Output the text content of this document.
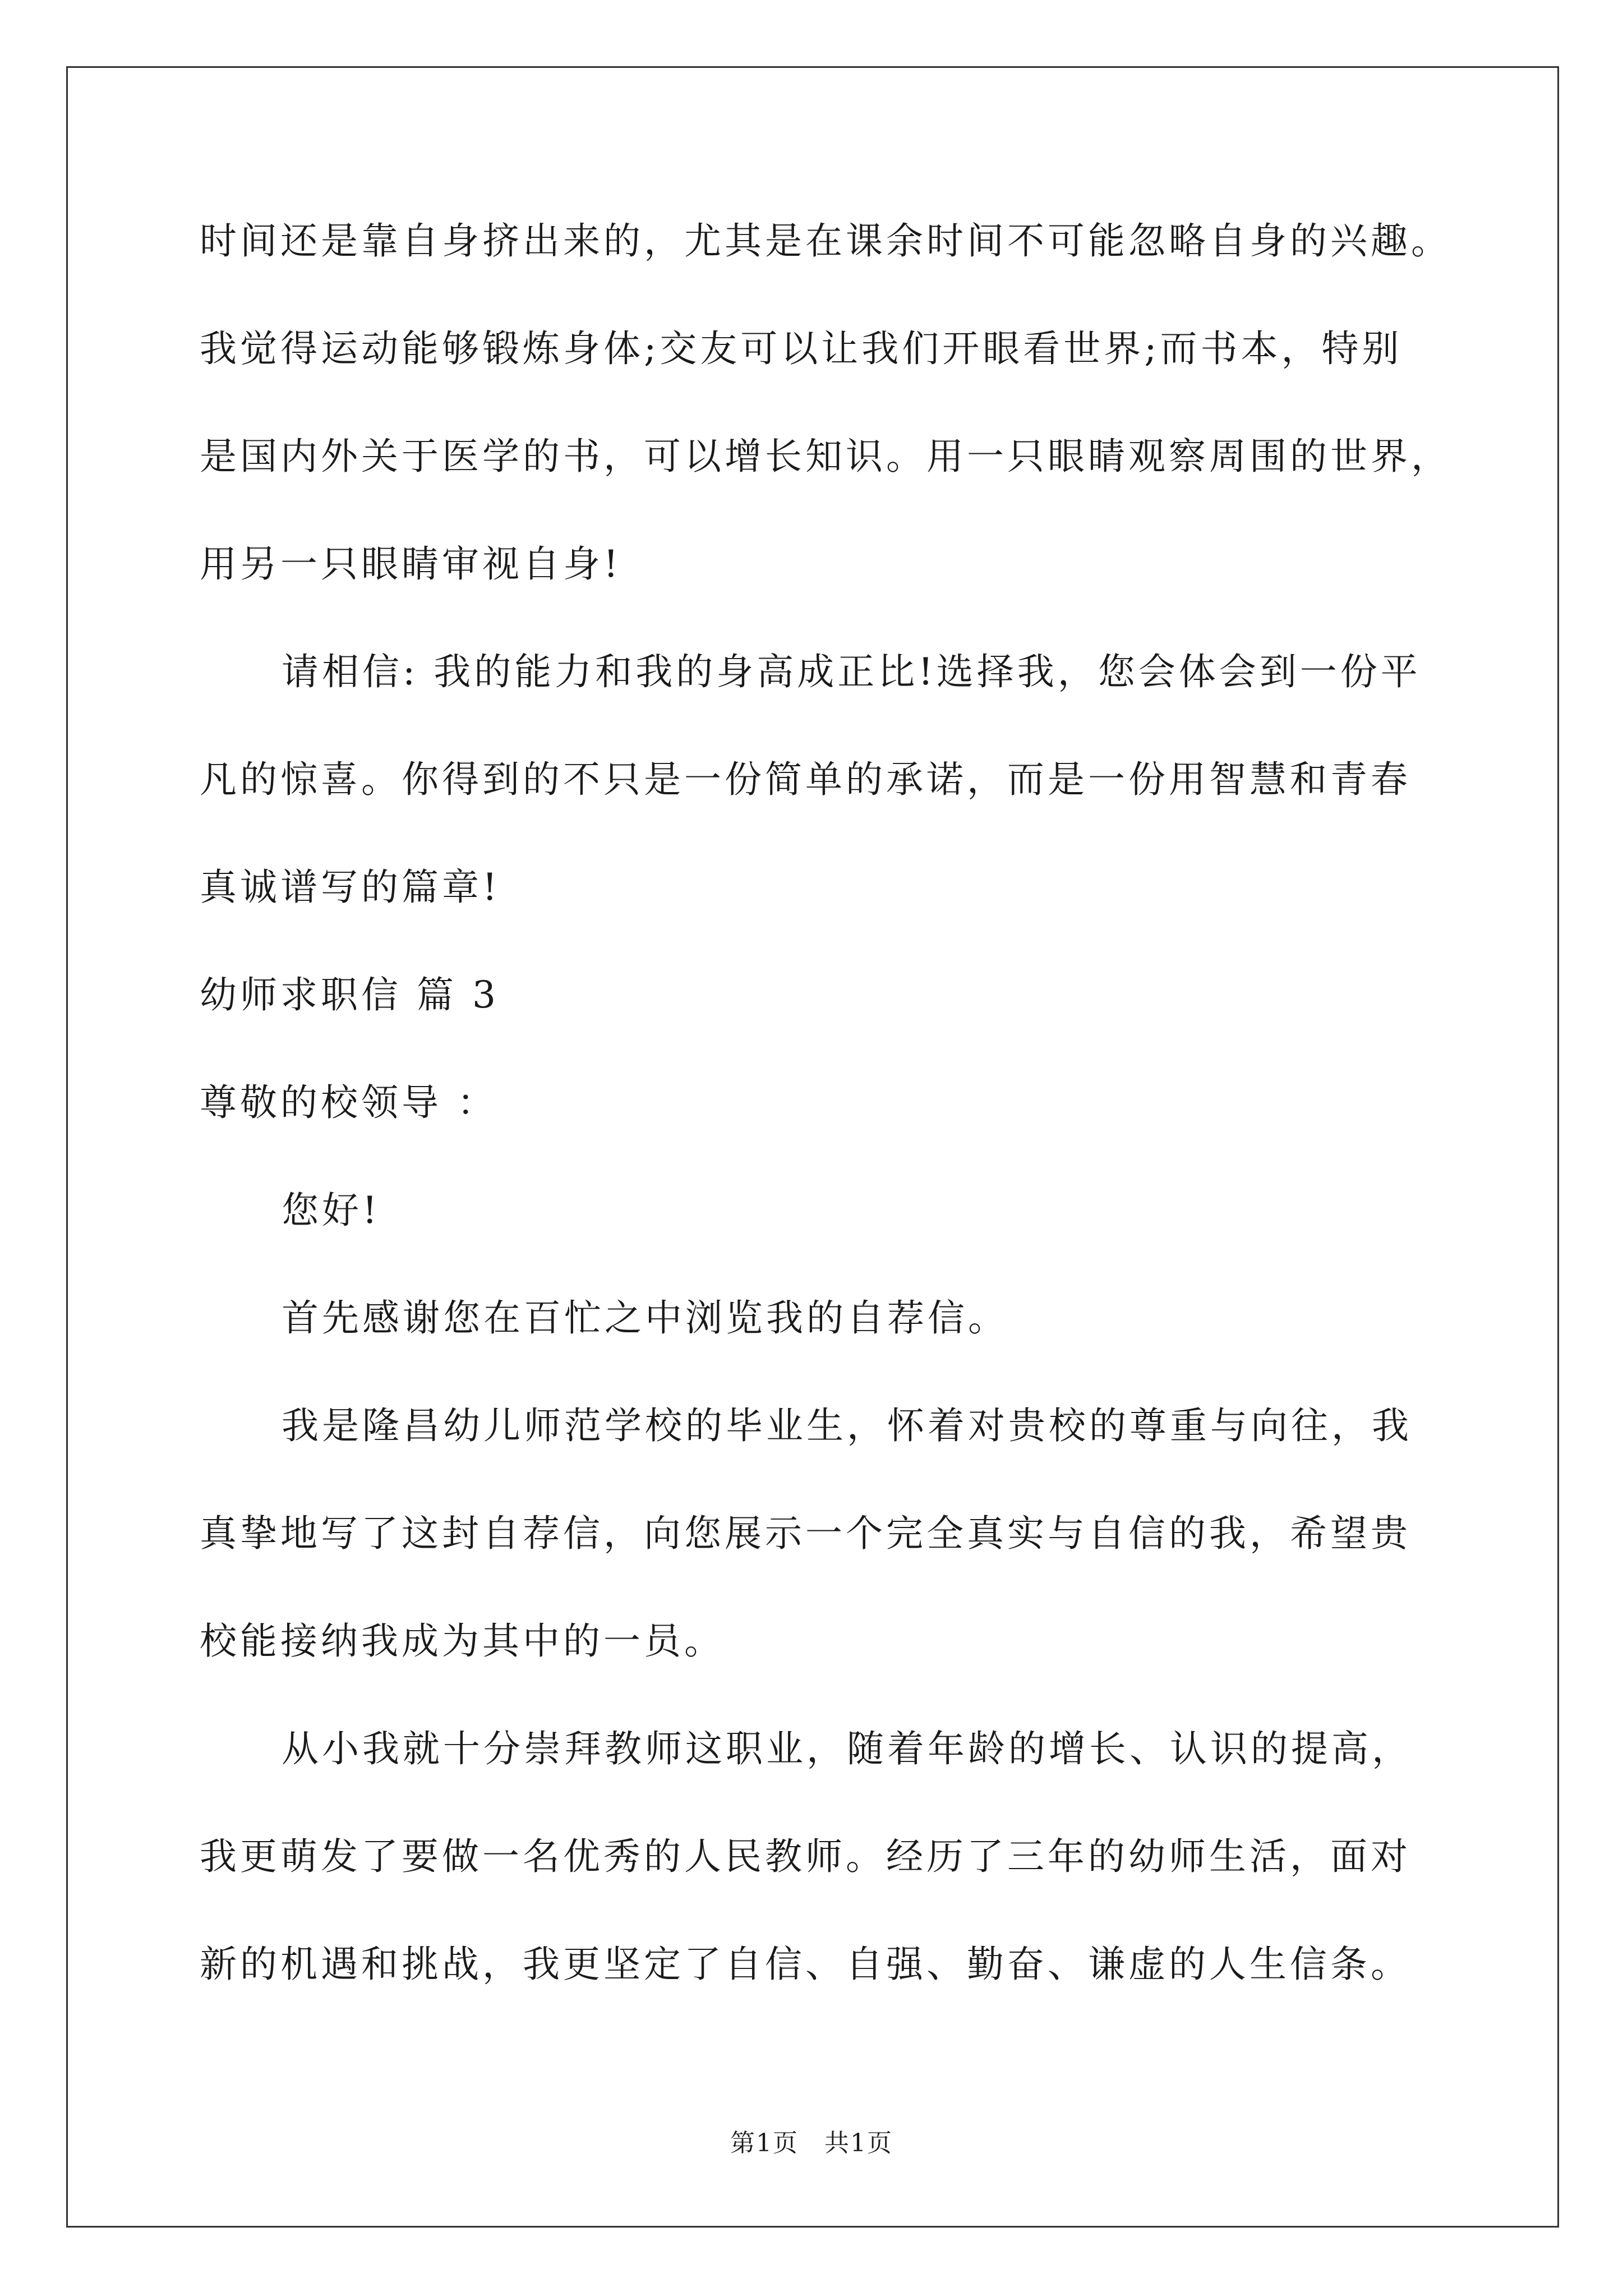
时间还是靠自身挤出来的，尤其是在课余时间不可能忽略自身的兴趣。
我觉得运动能够锻炼身体;交友可以让我们开眼看世界;而书本，特别
是国内外关于医学的书，可以增长知识。用一只眼睛观察周围的世界，
用另一只眼睛审视自身!
请相信: 我的能力和我的身高成正比!选择我，您会体会到一份平
凡的惊喜。你得到的不只是一份简单的承诺，而是一份用智慧和青春
真诚谱写的篇章!
幼师求职信 篇 3
尊敬的校领导 ：
您好!
首先感谢您在百忙之中浏览我的自荐信。
我是隆昌幼儿师范学校的毕业生，怀着对贵校的尊重与向往，我
真挚地写了这封自荐信，向您展示一个完全真实与自信的我，希望贵
校能接纳我成为其中的一员。
从小我就十分崇拜教师这职业，随着年龄的增长、认识的提高，
我更萌发了要做一名优秀的人民教师。经历了三年的幼师生活，面对
新的机遇和挑战，我更坚定了自信、自强、勤奋、谦虚的人生信条。
第1页　共1页
